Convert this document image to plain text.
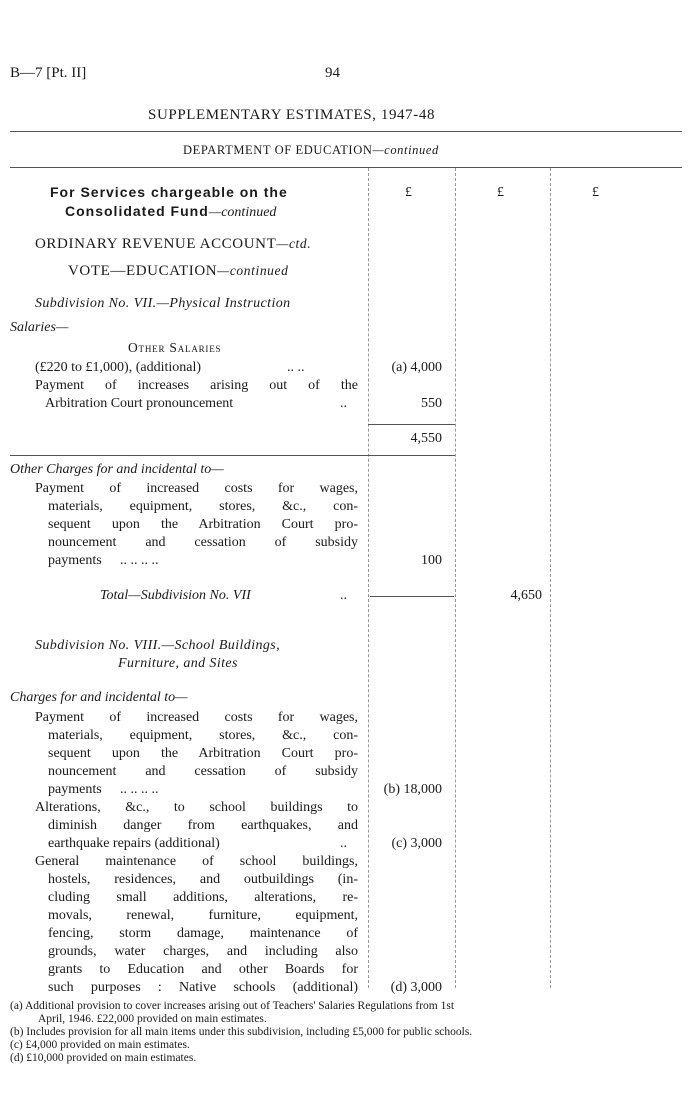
B—7 [Pt. II]	94
SUPPLEMENTARY ESTIMATES, 1947-48
DEPARTMENT OF EDUCATION—continued
£	£	£
For Services chargeable on the
Consolidated Fund—continued
ORDINARY REVENUE ACCOUNT—ctd.
VOTE—EDUCATION—continued
Subdivision No. VII.—Physical Instruction
Salaries—
Other Salaries
(£220 to £1,000), (additional)	.. ..	(a) 4,000
Payment of increases arising out of the
Arbitration Court pronouncement	..	550
4,550
Other Charges for and incidental to—
Payment of increased costs for wages,
materials, equipment, stores, &c., con-
sequent upon the Arbitration Court pro-
nouncement and cessation of subsidy
payments .. .. .. ..	100
Total—Subdivision No. VII	..	4,650
Subdivision No. VIII.—School Buildings,
Furniture, and Sites
Charges for and incidental to—
Payment of increased costs for wages,
materials, equipment, stores, &c., con-
sequent upon the Arbitration Court pro-
nouncement and cessation of subsidy
payments .. .. .. ..	(b) 18,000
Alterations, &c., to school buildings to
diminish danger from earthquakes, and
earthquake repairs (additional)	..	(c) 3,000
General maintenance of school buildings,
hostels, residences, and outbuildings (in-
cluding small additions, alterations, re-
movals, renewal, furniture, equipment,
fencing, storm damage, maintenance of
grounds, water charges, and including also
grants to Education and other Boards for
such purposes : Native schools (additional)	(d) 3,000
(a) Additional provision to cover increases arising out of Teachers' Salaries Regulations from 1st
April, 1946. £22,000 provided on main estimates.
(b) Includes provision for all main items under this subdivision, including £5,000 for public schools.
(c) £4,000 provided on main estimates.
(d) £10,000 provided on main estimates.
